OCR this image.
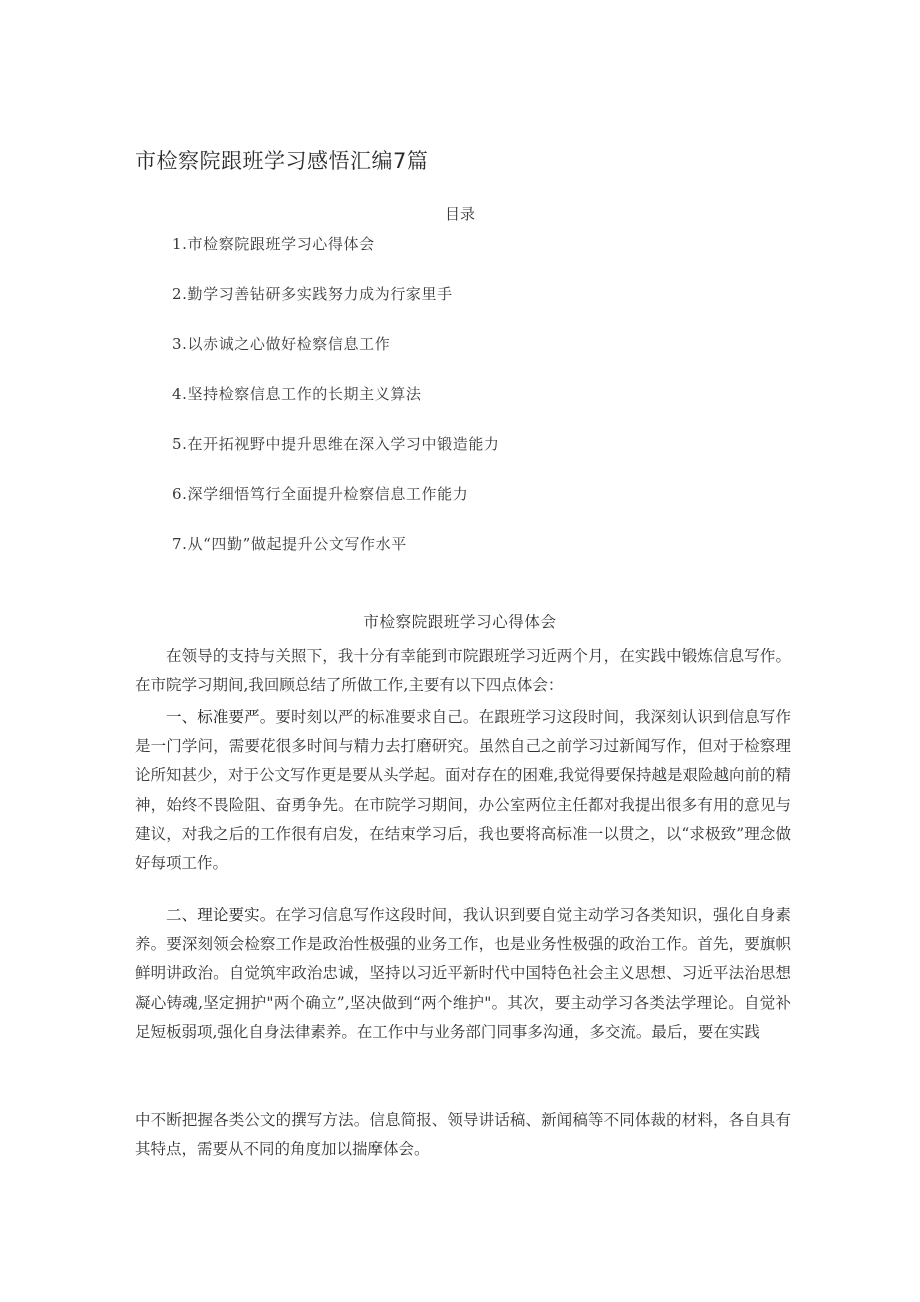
市检察院跟班学习感悟汇编7篇
目录
1.市检察院跟班学习心得体会
2.勤学习善钻研多实践努力成为行家里手
3.以赤诚之心做好检察信息工作
4.坚持检察信息工作的长期主义算法
5.在开拓视野中提升思维在深入学习中锻造能力
6.深学细悟笃行全面提升检察信息工作能力
7.从“四勤”做起提升公文写作水平
市检察院跟班学习心得体会

在领导的支持与关照下，我十分有幸能到市院跟班学习近两个月，在实践中锻炼信息写作。在市院学习期间,我回顾总结了所做工作,主要有以下四点体会：

一、标准要严。要时刻以严的标准要求自己。在跟班学习这段时间，我深刻认识到信息写作是一门学问，需要花很多时间与精力去打磨研究。虽然自己之前学习过新闻写作，但对于检察理论所知甚少，对于公文写作更是要从头学起。面对存在的困难,我觉得要保持越是艰险越向前的精神，始终不畏险阻、奋勇争先。在市院学习期间，办公室两位主任都对我提出很多有用的意见与建议，对我之后的工作很有启发，在结束学习后，我也要将高标准一以贯之，以“求极致”理念做好每项工作。

二、理论要实。在学习信息写作这段时间，我认识到要自觉主动学习各类知识，强化自身素养。要深刻领会检察工作是政治性极强的业务工作，也是业务性极强的政治工作。首先，要旗帜鲜明讲政治。自觉筑牢政治忠诚，坚持以习近平新时代中国特色社会主义思想、习近平法治思想凝心铸魂,坚定拥护"两个确立”,坚决做到“两个维护"。其次，要主动学习各类法学理论。自觉补足短板弱项,强化自身法律素养。在工作中与业务部门同事多沟通，多交流。最后，要在实践

中不断把握各类公文的撰写方法。信息简报、领导讲话稿、新闻稿等不同体裁的材料，各自具有其特点，需要从不同的角度加以揣摩体会。
